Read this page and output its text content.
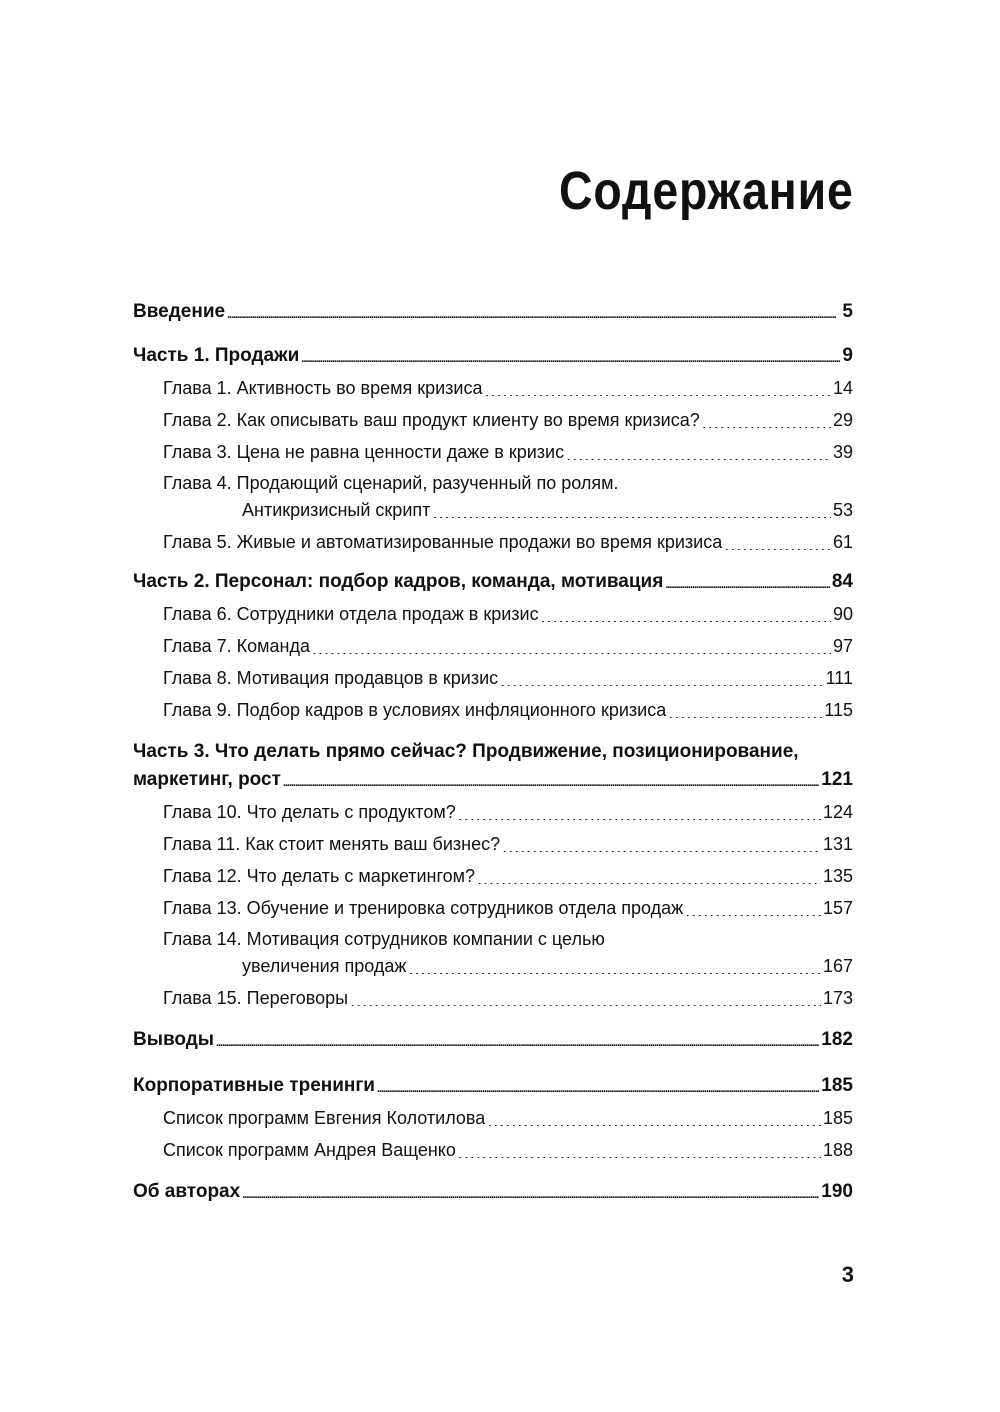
Содержание
Введение .....	5
Часть 1. Продажи .....	9
Глава 1. Активность во время кризиса .....	14
Глава 2. Как описывать ваш продукт клиенту во время кризиса? .....	29
Глава 3. Цена не равна ценности даже в кризис .....	39
Глава 4. Продающий сценарий, разученный по ролям.
Антикризисный скрипт .....	53
Глава 5. Живые и автоматизированные продажи во время кризиса .....	61
Часть 2. Персонал: подбор кадров, команда, мотивация .....	84
Глава 6. Сотрудники отдела продаж в кризис .....	90
Глава 7. Команда .....	97
Глава 8. Мотивация продавцов в кризис .....	111
Глава 9. Подбор кадров в условиях инфляционного кризиса .....	115
Часть 3. Что делать прямо сейчас? Продвижение, позиционирование,
маркетинг, рост .....	121
Глава 10. Что делать с продуктом? .....	124
Глава 11. Как стоит менять ваш бизнес? .....	131
Глава 12. Что делать с маркетингом? .....	135
Глава 13. Обучение и тренировка сотрудников отдела продаж .....	157
Глава 14. Мотивация сотрудников компании с целью
увеличения продаж .....	167
Глава 15. Переговоры .....	173
Выводы .....	182
Корпоративные тренинги .....	185
Список программ Евгения Колотилова .....	185
Список программ Андрея Ващенко .....	188
Об авторах .....	190
3
